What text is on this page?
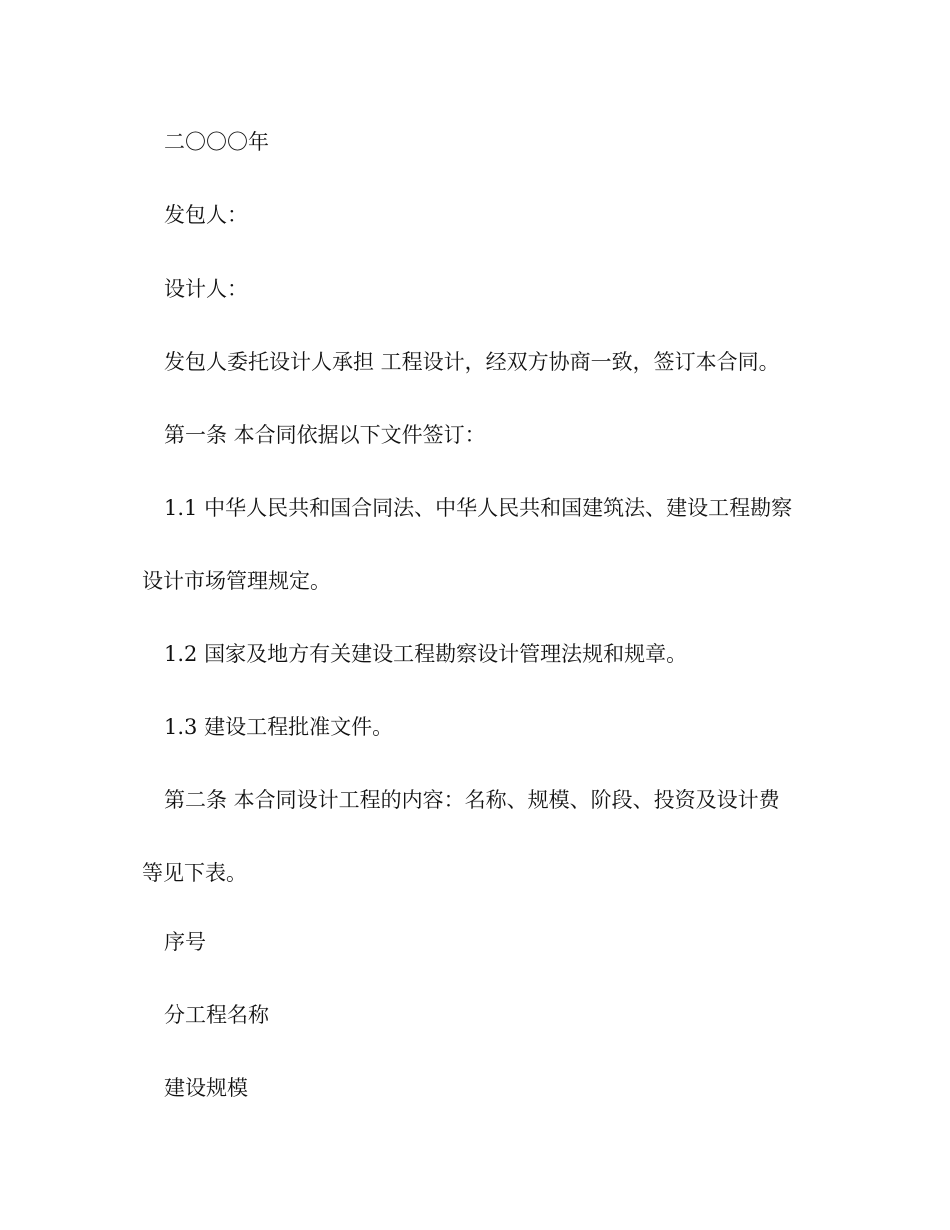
二〇〇〇年
发包人：
设计人：
发包人委托设计人承担 工程设计，经双方协商一致，签订本合同。
第一条 本合同依据以下文件签订：
1.1 中华人民共和国合同法、中华人民共和国建筑法、建设工程勘察
设计市场管理规定。
1.2 国家及地方有关建设工程勘察设计管理法规和规章。
1.3 建设工程批准文件。
第二条 本合同设计工程的内容：名称、规模、阶段、投资及设计费
等见下表。
序号
分工程名称
建设规模
